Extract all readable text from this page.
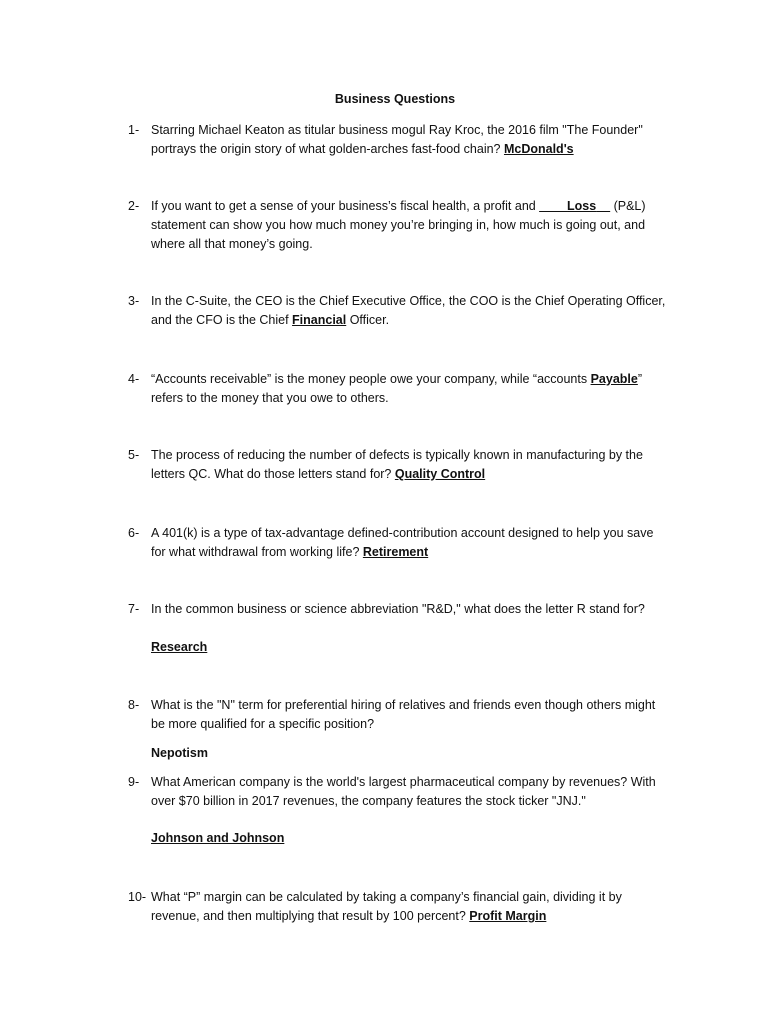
Business Questions
1- Starring Michael Keaton as titular business mogul Ray Kroc, the 2016 film "The Founder" portrays the origin story of what golden-arches fast-food chain? McDonald's
2- If you want to get a sense of your business’s fiscal health, a profit and ____Loss__ (P&L) statement can show you how much money you’re bringing in, how much is going out, and where all that money’s going.
3- In the C-Suite, the CEO is the Chief Executive Office, the COO is the Chief Operating Officer, and the CFO is the Chief Financial Officer.
4- “Accounts receivable” is the money people owe your company, while “accounts Payable” refers to the money that you owe to others.
5- The process of reducing the number of defects is typically known in manufacturing by the letters QC. What do those letters stand for? Quality Control
6- A 401(k) is a type of tax-advantage defined-contribution account designed to help you save for what withdrawal from working life? Retirement
7- In the common business or science abbreviation "R&D," what does the letter R stand for?
Research
8- What is the "N" term for preferential hiring of relatives and friends even though others might be more qualified for a specific position?
Nepotism
9- What American company is the world's largest pharmaceutical company by revenues? With over $70 billion in 2017 revenues, the company features the stock ticker "JNJ."
Johnson and Johnson
10- What “P” margin can be calculated by taking a company’s financial gain, dividing it by revenue, and then multiplying that result by 100 percent? Profit Margin
